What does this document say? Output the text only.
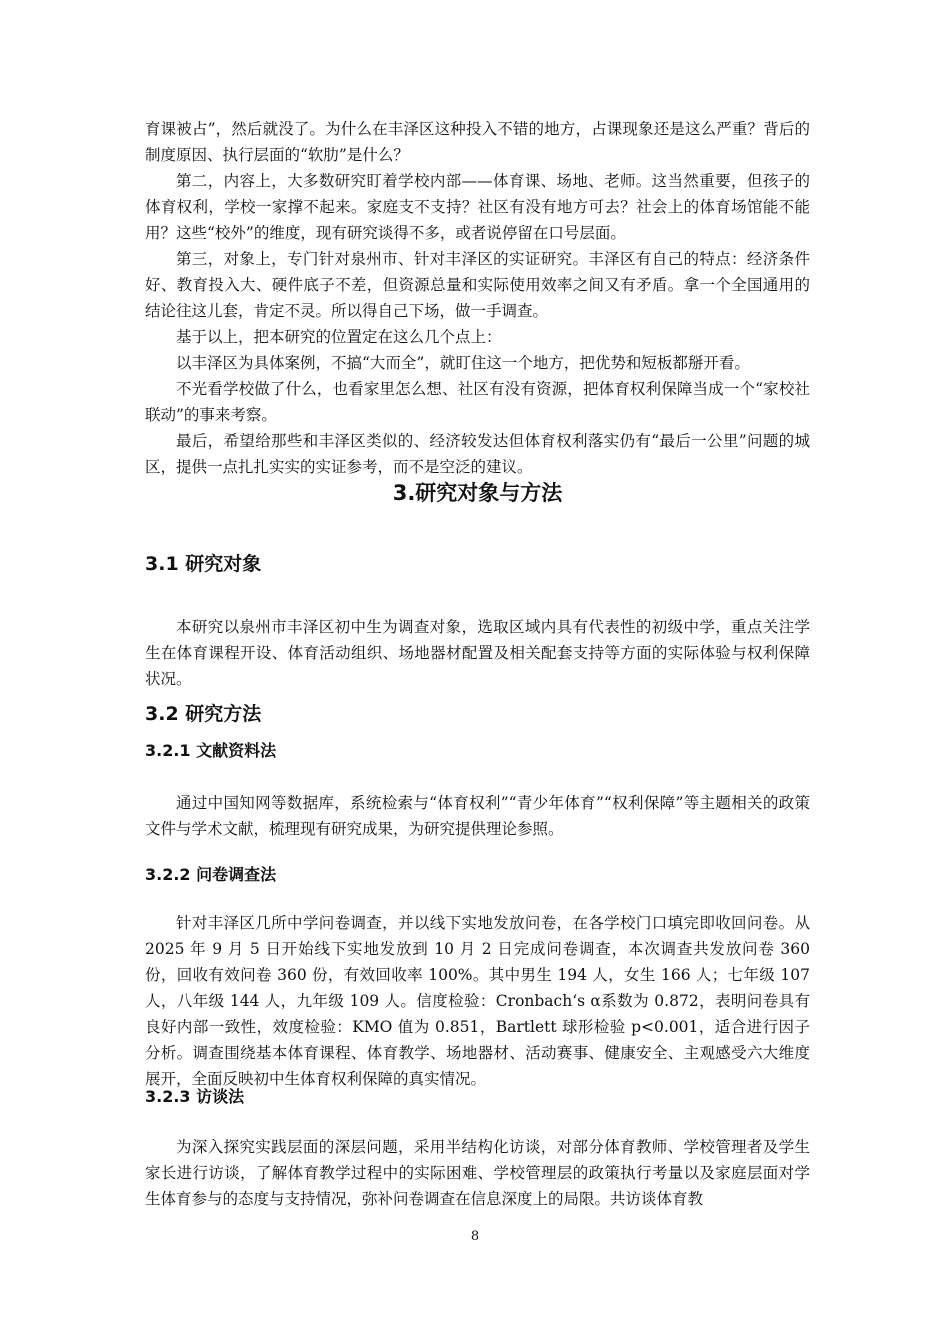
育课被占”，然后就没了。为什么在丰泽区这种投入不错的地方，占课现象还是这么严重？背后的制度原因、执行层面的“软肋”是什么？

第二，内容上，大多数研究盯着学校内部——体育课、场地、老师。这当然重要，但孩子的体育权利，学校一家撑不起来。家庭支不支持？社区有没有地方可去？社会上的体育场馆能不能用？这些“校外”的维度，现有研究谈得不多，或者说停留在口号层面。

第三，对象上，专门针对泉州市、针对丰泽区的实证研究。丰泽区有自己的特点：经济条件好、教育投入大、硬件底子不差，但资源总量和实际使用效率之间又有矛盾。拿一个全国通用的结论往这儿套，肯定不灵。所以得自己下场，做一手调查。

基于以上，把本研究的位置定在这么几个点上：

以丰泽区为具体案例，不搞“大而全”，就盯住这一个地方，把优势和短板都掰开看。

不光看学校做了什么，也看家里怎么想、社区有没有资源，把体育权利保障当成一个“家校社联动”的事来考察。

最后，希望给那些和丰泽区类似的、经济较发达但体育权利落实仍有“最后一公里”问题的城区，提供一点扎扎实实的实证参考，而不是空泛的建议。

3.研究对象与方法
3.1 研究对象

本研究以泉州市丰泽区初中生为调查对象，选取区域内具有代表性的初级中学，重点关注学生在体育课程开设、体育活动组织、场地器材配置及相关配套支持等方面的实际体验与权利保障状况。

3.2 研究方法
3.2.1 文献资料法

通过中国知网等数据库，系统检索与“体育权利”“青少年体育”“权利保障”等主题相关的政策文件与学术文献，梳理现有研究成果，为研究提供理论参照。

3.2.2 问卷调查法

针对丰泽区几所中学问卷调查，并以线下实地发放问卷，在各学校门口填完即收回问卷。从 2025 年 9 月 5 日开始线下实地发放到 10 月 2 日完成问卷调查，本次调查共发放问卷 360 份，回收有效问卷 360 份，有效回收率 100%。其中男生 194 人，女生 166 人；七年级 107 人，八年级 144 人，九年级 109 人。信度检验：Cronbach‘s α系数为 0.872，表明问卷具有良好内部一致性，效度检验：KMO 值为 0.851，Bartlett 球形检验 p<0.001，适合进行因子分析。调查围绕基本体育课程、体育教学、场地器材、活动赛事、健康安全、主观感受六大维度展开，全面反映初中生体育权利保障的真实情况。

3.2.3 访谈法

为深入探究实践层面的深层问题，采用半结构化访谈，对部分体育教师、学校管理者及学生家长进行访谈，了解体育教学过程中的实际困难、学校管理层的政策执行考量以及家庭层面对学生体育参与的态度与支持情况，弥补问卷调查在信息深度上的局限。共访谈体育教

8
